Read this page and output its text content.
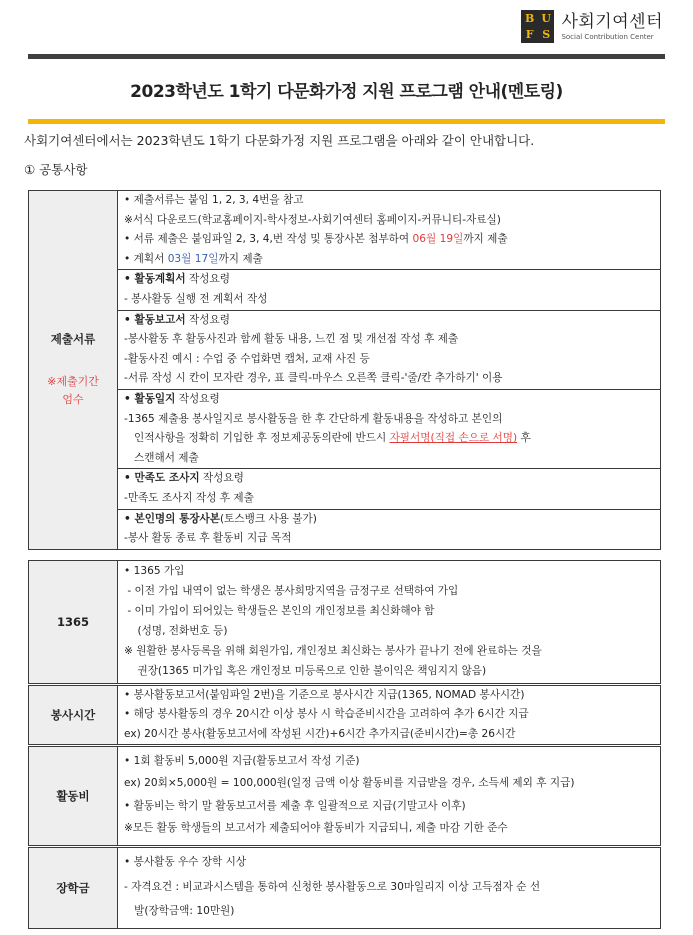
B U
F S
사회기여센터
Social Contribution Center
2023학년도 1학기 다문화가정 지원 프로그램 안내(멘토링)
사회기여센터에서는 2023학년도 1학기 다문화가정 지원 프로그램을 아래와 같이 안내합니다.
① 공통사항
제출서류
※제출기간
엄수
• 제출서류는 붙임 1, 2, 3, 4번을 참고
※서식 다운로드(학교홈페이지-학사정보-사회기여센터 홈페이지-커뮤니티-자료실)
• 서류 제출은 붙임파일 2, 3, 4,번 작성 및 통장사본 첨부하여 06월 19일까지 제출
• 계획서 03월 17일까지 제출
• 활동계획서 작성요령
- 봉사활동 실행 전 계획서 작성
• 활동보고서 작성요령
-봉사활동 후 활동사진과 함께 활동 내용, 느낀 점 및 개선점 작성 후 제출
-활동사진 예시 : 수업 중 수업화면 캡처, 교재 사진 등
-서류 작성 시 칸이 모자란 경우, 표 클릭-마우스 오른쪽 클릭-'줄/칸 추가하기' 이용
• 활동일지 작성요령
-1365 제출용 봉사일지로 봉사활동을 한 후 간단하게 활동내용을 작성하고 본인의
인적사항을 정확히 기입한 후 정보제공동의란에 반드시 자필서명(직접 손으로 서명) 후
스캔해서 제출
• 만족도 조사지 작성요령
-만족도 조사지 작성 후 제출
• 본인명의 통장사본(토스뱅크 사용 불가)
-봉사 활동 종료 후 활동비 지급 목적
1365
• 1365 가입
- 이전 가입 내역이 없는 학생은 봉사희망지역을 금정구로 선택하여 가입
- 이미 가입이 되어있는 학생들은 본인의 개인정보를 최신화해야 함
(성명, 전화번호 등)
※ 원활한 봉사등록을 위해 회원가입, 개인정보 최신화는 봉사가 끝나기 전에 완료하는 것을
권장(1365 미가입 혹은 개인정보 미등록으로 인한 불이익은 책임지지 않음)
봉사시간
• 봉사활동보고서(붙임파일 2번)을 기준으로 봉사시간 지급(1365, NOMAD 봉사시간)
• 해당 봉사활동의 경우 20시간 이상 봉사 시 학습준비시간을 고려하여 추가 6시간 지급
ex) 20시간 봉사(활동보고서에 작성된 시간)+6시간 추가지급(준비시간)=총 26시간
활동비
• 1회 활동비 5,000원 지급(활동보고서 작성 기준)
ex) 20회×5,000원 = 100,000원(일정 금액 이상 활동비를 지급받을 경우, 소득세 제외 후 지급)
• 활동비는 학기 말 활동보고서를 제출 후 일괄적으로 지급(기말고사 이후)
※모든 활동 학생들의 보고서가 제출되어야 활동비가 지급되니, 제출 마감 기한 준수
장학금
• 봉사활동 우수 장학 시상
- 자격요건 : 비교과시스템을 통하여 신청한 봉사활동으로 30마일리지 이상 고득점자 순 선
발(장학금액: 10만원)
